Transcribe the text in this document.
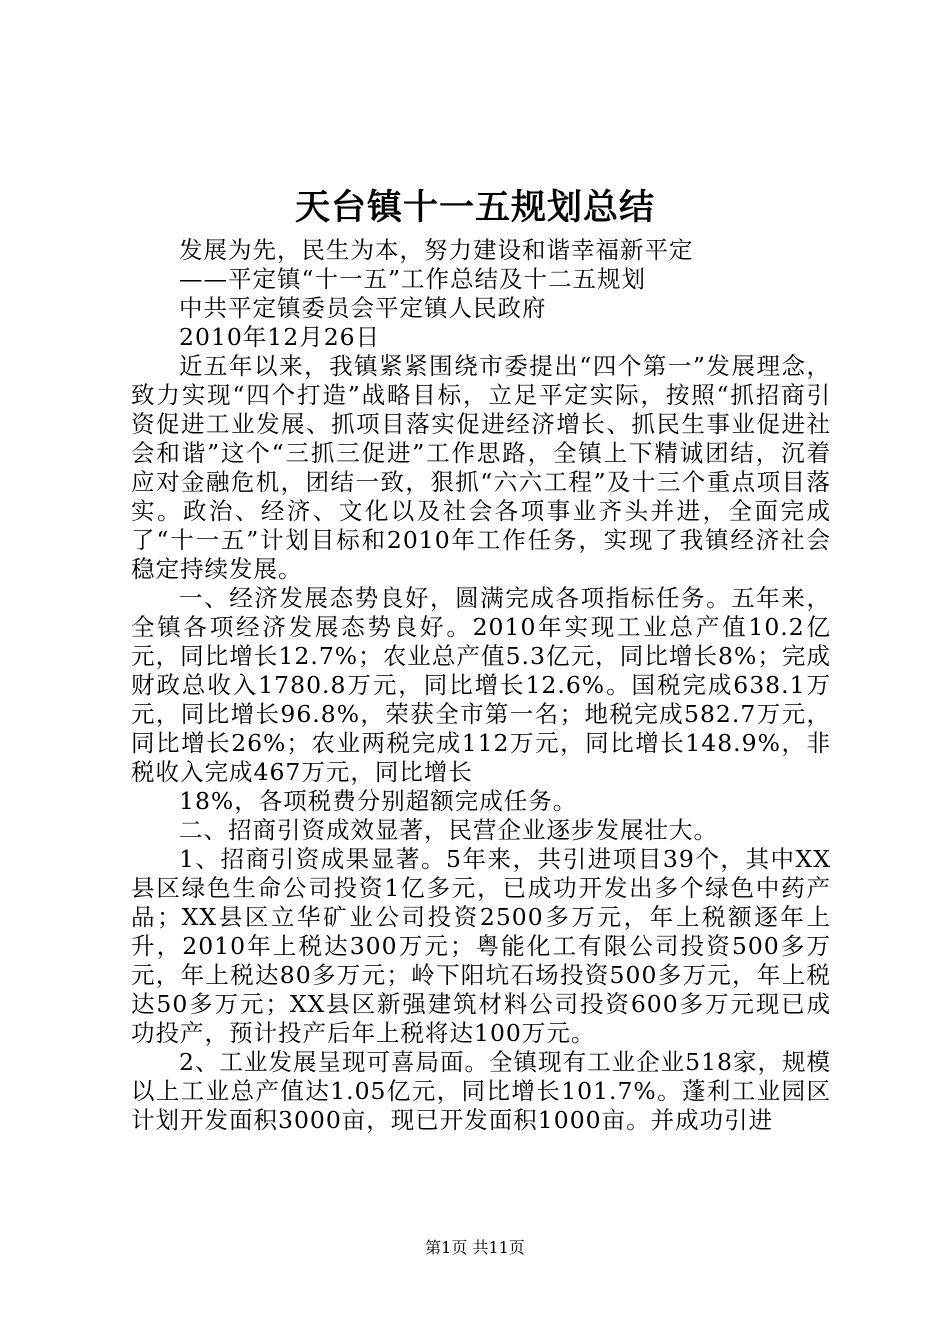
天台镇十一五规划总结

发展为先，民生为本，努力建设和谐幸福新平定

——平定镇“十一五”工作总结及十二五规划

中共平定镇委员会平定镇人民政府

2010年12月26日

近五年以来，我镇紧紧围绕市委提出“四个第一”发展理念，致力实现“四个打造”战略目标，立足平定实际，按照“抓招商引资促进工业发展、抓项目落实促进经济增长、抓民生事业促进社会和谐”这个“三抓三促进”工作思路，全镇上下精诚团结，沉着应对金融危机，团结一致，狠抓“六六工程”及十三个重点项目落实。政治、经济、文化以及社会各项事业齐头并进，全面完成了“十一五”计划目标和2010年工作任务，实现了我镇经济社会稳定持续发展。

一、经济发展态势良好，圆满完成各项指标任务。五年来，全镇各项经济发展态势良好。2010年实现工业总产值10.2亿元，同比增长12.7%；农业总产值5.3亿元，同比增长8%；完成财政总收入1780.8万元，同比增长12.6%。国税完成638.1万元，同比增长96.8%，荣获全市第一名；地税完成582.7万元，同比增长26%；农业两税完成112万元，同比增长148.9%，非税收入完成467万元，同比增长

18%，各项税费分别超额完成任务。

二、招商引资成效显著，民营企业逐步发展壮大。

1、招商引资成果显著。5年来，共引进项目39个，其中XX县区绿色生命公司投资1亿多元，已成功开发出多个绿色中药产品；XX县区立华矿业公司投资2500多万元，年上税额逐年上升，2010年上税达300万元；粤能化工有限公司投资500多万元，年上税达80多万元；岭下阳坑石场投资500多万元，年上税达50多万元；XX县区新强建筑材料公司投资600多万元现已成功投产，预计投产后年上税将达100万元。

2、工业发展呈现可喜局面。全镇现有工业企业518家，规模以上工业总产值达1.05亿元，同比增长101.7%。蓬利工业园区计划开发面积3000亩，现已开发面积1000亩。并成功引进

第1页 共11页
